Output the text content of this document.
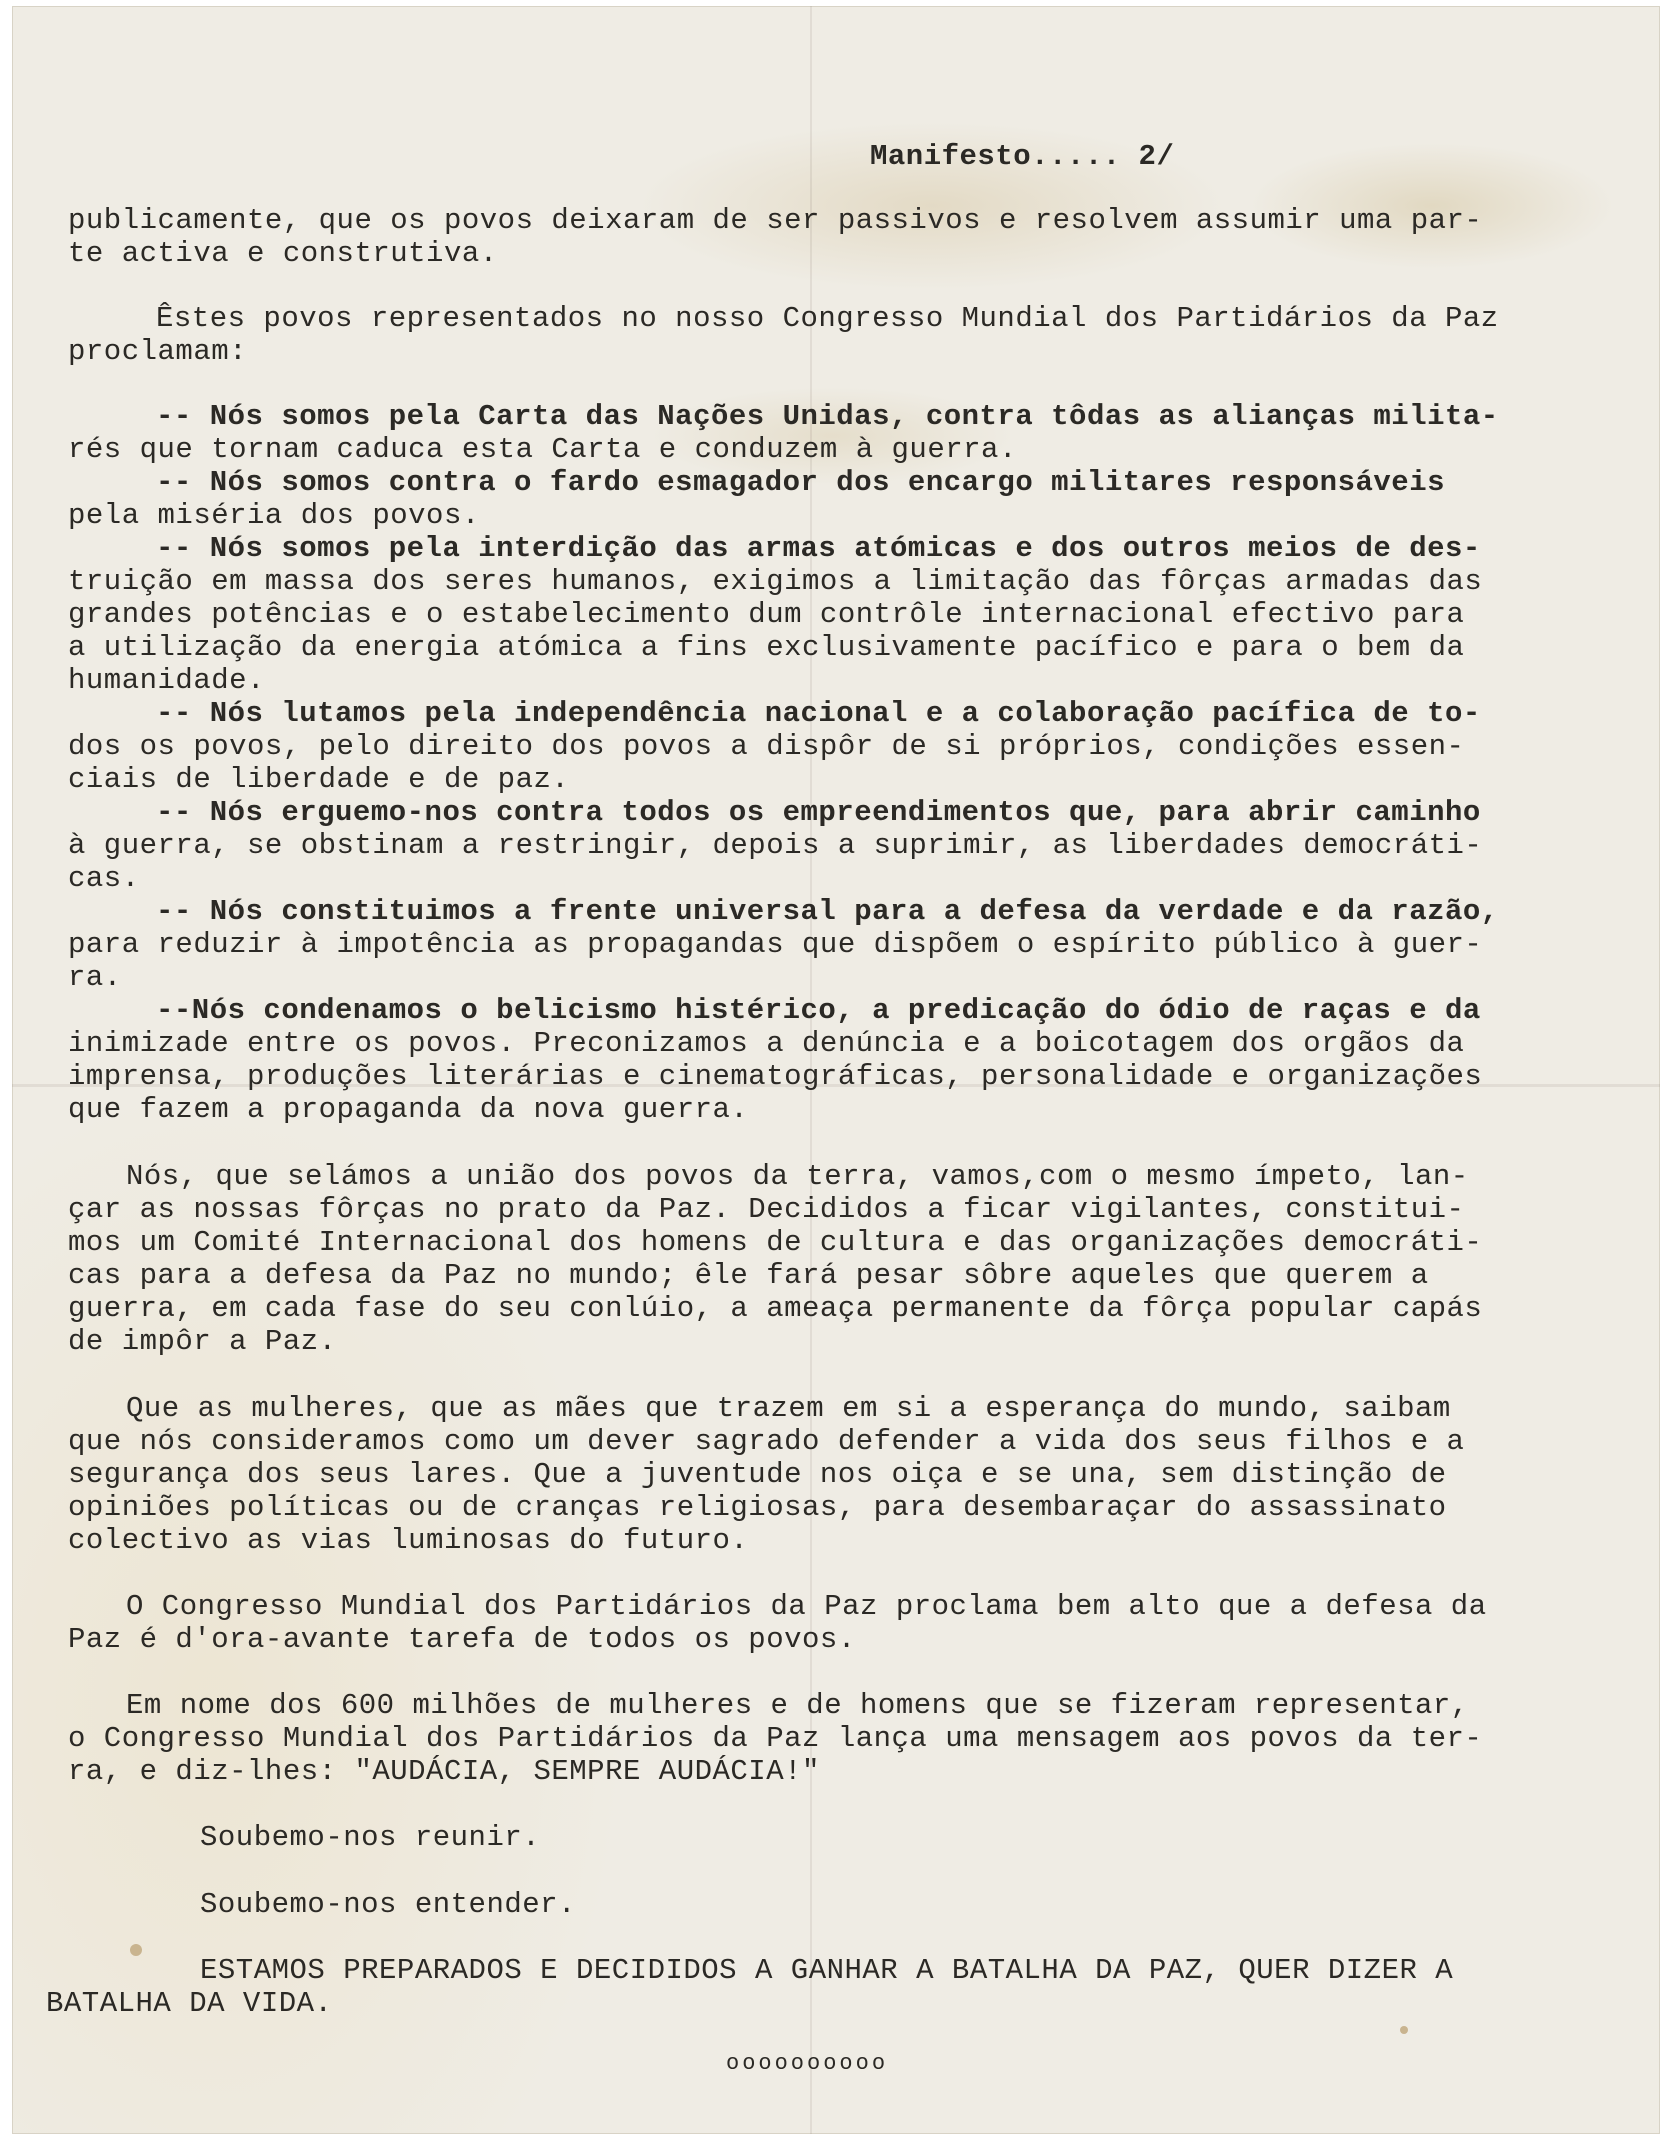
Manifesto..... 2/
publicamente, que os povos deixaram de ser passivos e resolvem assumir uma par-
te activa e construtiva.
Êstes povos representados no nosso Congresso Mundial dos Partidários da Paz
proclamam:
-- Nós somos pela Carta das Nações Unidas, contra tôdas as alianças milita-
rés que tornam caduca esta Carta e conduzem à guerra.
-- Nós somos contra o fardo esmagador dos encargo militares responsáveis
pela miséria dos povos.
-- Nós somos pela interdição das armas atómicas e dos outros meios de des-
truição em massa dos seres humanos, exigimos a limitação das fôrças armadas das
grandes potências e o estabelecimento dum contrôle internacional efectivo para
a utilização da energia atómica a fins exclusivamente pacífico e para o bem da
humanidade.
-- Nós lutamos pela independência nacional e a colaboração pacífica de to-
dos os povos, pelo direito dos povos a dispôr de si próprios, condições essen-
ciais de liberdade e de paz.
-- Nós erguemo-nos contra todos os empreendimentos que, para abrir caminho
à guerra, se obstinam a restringir, depois a suprimir, as liberdades democráti-
cas.
-- Nós constituimos a frente universal para a defesa da verdade e da razão,
para reduzir à impotência as propagandas que dispõem o espírito público à guer-
ra.
--Nós condenamos o belicismo histérico, a predicação do ódio de raças e da
inimizade entre os povos. Preconizamos a denúncia e a boicotagem dos orgãos da
imprensa, produções literárias e cinematográficas, personalidade e organizações
que fazem a propaganda da nova guerra.
Nós, que selámos a união dos povos da terra, vamos,com o mesmo ímpeto, lan-
çar as nossas fôrças no prato da Paz. Decididos a ficar vigilantes, constitui-
mos um Comité Internacional dos homens de cultura e das organizações democráti-
cas para a defesa da Paz no mundo; êle fará pesar sôbre aqueles que querem a
guerra, em cada fase do seu conlúio, a ameaça permanente da fôrça popular capás
de impôr a Paz.
Que as mulheres, que as mães que trazem em si a esperança do mundo, saibam
que nós consideramos como um dever sagrado defender a vida dos seus filhos e a
segurança dos seus lares. Que a juventude nos oiça e se una, sem distinção de
opiniões políticas ou de cranças religiosas, para desembaraçar do assassinato
colectivo as vias luminosas do futuro.
O Congresso Mundial dos Partidários da Paz proclama bem alto que a defesa da
Paz é d'ora-avante tarefa de todos os povos.
Em nome dos 600 milhões de mulheres e de homens que se fizeram representar,
o Congresso Mundial dos Partidários da Paz lança uma mensagem aos povos da ter-
ra, e diz-lhes: "AUDÁCIA, SEMPRE AUDÁCIA!"
Soubemo-nos reunir.
Soubemo-nos entender.
ESTAMOS PREPARADOS E DECIDIDOS A GANHAR A BATALHA DA PAZ, QUER DIZER A
BATALHA DA VIDA.
oooooooooo
